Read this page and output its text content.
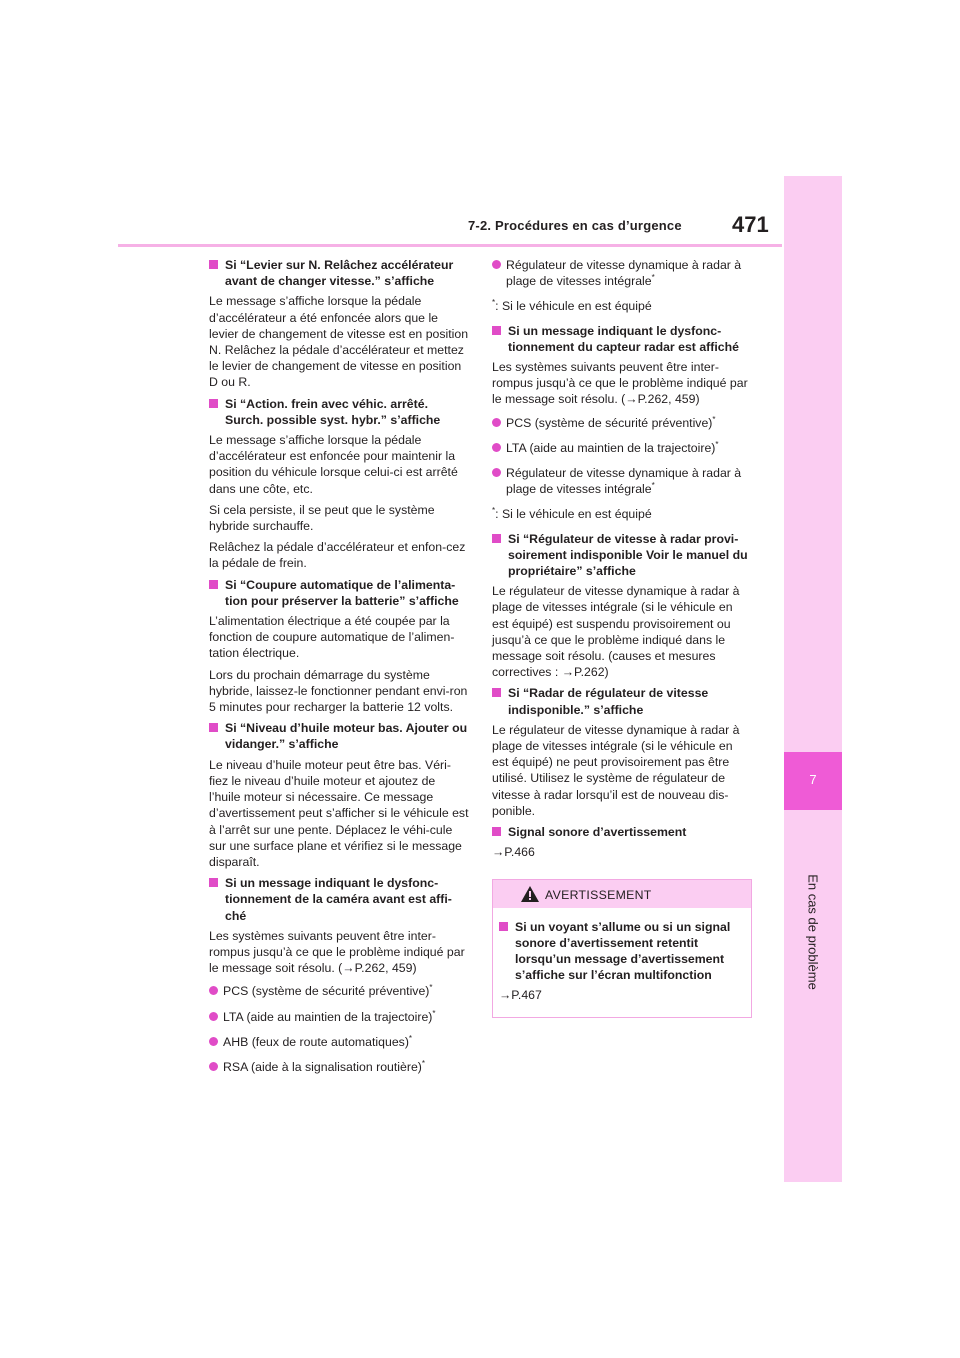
7
En cas de problème
7-2. Procédures en cas d’urgence 471
Si “Levier sur N. Relâchez accélérateur avant de changer vitesse.” s’affiche

Le message s’affiche lorsque la pédale d’accélérateur a été enfoncée alors que le levier de changement de vitesse est en position N. Relâchez la pédale d’accélérateur et mettez le levier de changement de vitesse en position D ou R.

Si “Action. frein avec véhic. arrêté. Surch. possible syst. hybr.” s’affiche

Le message s’affiche lorsque la pédale d’accélérateur est enfoncée pour maintenir la position du véhicule lorsque celui-ci est arrêté dans une côte, etc.

Si cela persiste, il se peut que le système hybride surchauffe.

Relâchez la pédale d’accélérateur et enfon-cez la pédale de frein.

Si “Coupure automatique de l’alimenta-tion pour préserver la batterie” s’affiche

L’alimentation électrique a été coupée par la fonction de coupure automatique de l’alimen-tation électrique.

Lors du prochain démarrage du système hybride, laissez-le fonctionner pendant envi-ron 5 minutes pour recharger la batterie 12 volts.

Si “Niveau d’huile moteur bas. Ajouter ou vidanger.” s’affiche

Le niveau d’huile moteur peut être bas. Véri-fiez le niveau d’huile moteur et ajoutez de l’huile moteur si nécessaire. Ce message d’avertissement peut s’afficher si le véhicule est à l’arrêt sur une pente. Déplacez le véhi-cule sur une surface plane et vérifiez si le message disparaît.

Si un message indiquant le dysfonc-tionnement de la caméra avant est affi-ché

Les systèmes suivants peuvent être inter-rompus jusqu’à ce que le problème indiqué par le message soit résolu. (→P.262, 459)

PCS (système de sécurité préventive)*
LTA (aide au maintien de la trajectoire)*
AHB (feux de route automatiques)*
RSA (aide à la signalisation routière)*
Régulateur de vitesse dynamique à radar à plage de vitesses intégrale*

*: Si le véhicule en est équipé

Si un message indiquant le dysfonc-tionnement du capteur radar est affiché

Les systèmes suivants peuvent être inter-rompus jusqu’à ce que le problème indiqué par le message soit résolu. (→P.262, 459)

PCS (système de sécurité préventive)*
LTA (aide au maintien de la trajectoire)*
Régulateur de vitesse dynamique à radar à plage de vitesses intégrale*

*: Si le véhicule en est équipé

Si “Régulateur de vitesse à radar provi-soirement indisponible Voir le manuel du propriétaire” s’affiche

Le régulateur de vitesse dynamique à radar à plage de vitesses intégrale (si le véhicule en est équipé) est suspendu provisoirement ou jusqu’à ce que le problème indiqué dans le message soit résolu. (causes et mesures correctives : →P.262)

Si “Radar de régulateur de vitesse indisponible.” s’affiche

Le régulateur de vitesse dynamique à radar à plage de vitesses intégrale (si le véhicule en est équipé) ne peut provisoirement pas être utilisé. Utilisez le système de régulateur de vitesse à radar lorsqu’il est de nouveau dis-ponible.

Signal sonore d’avertissement

→P.466

AVERTISSEMENT
Si un voyant s’allume ou si un signal sonore d’avertissement retentit lorsqu’un message d’avertissement s’affiche sur l’écran multifonction

→P.467
